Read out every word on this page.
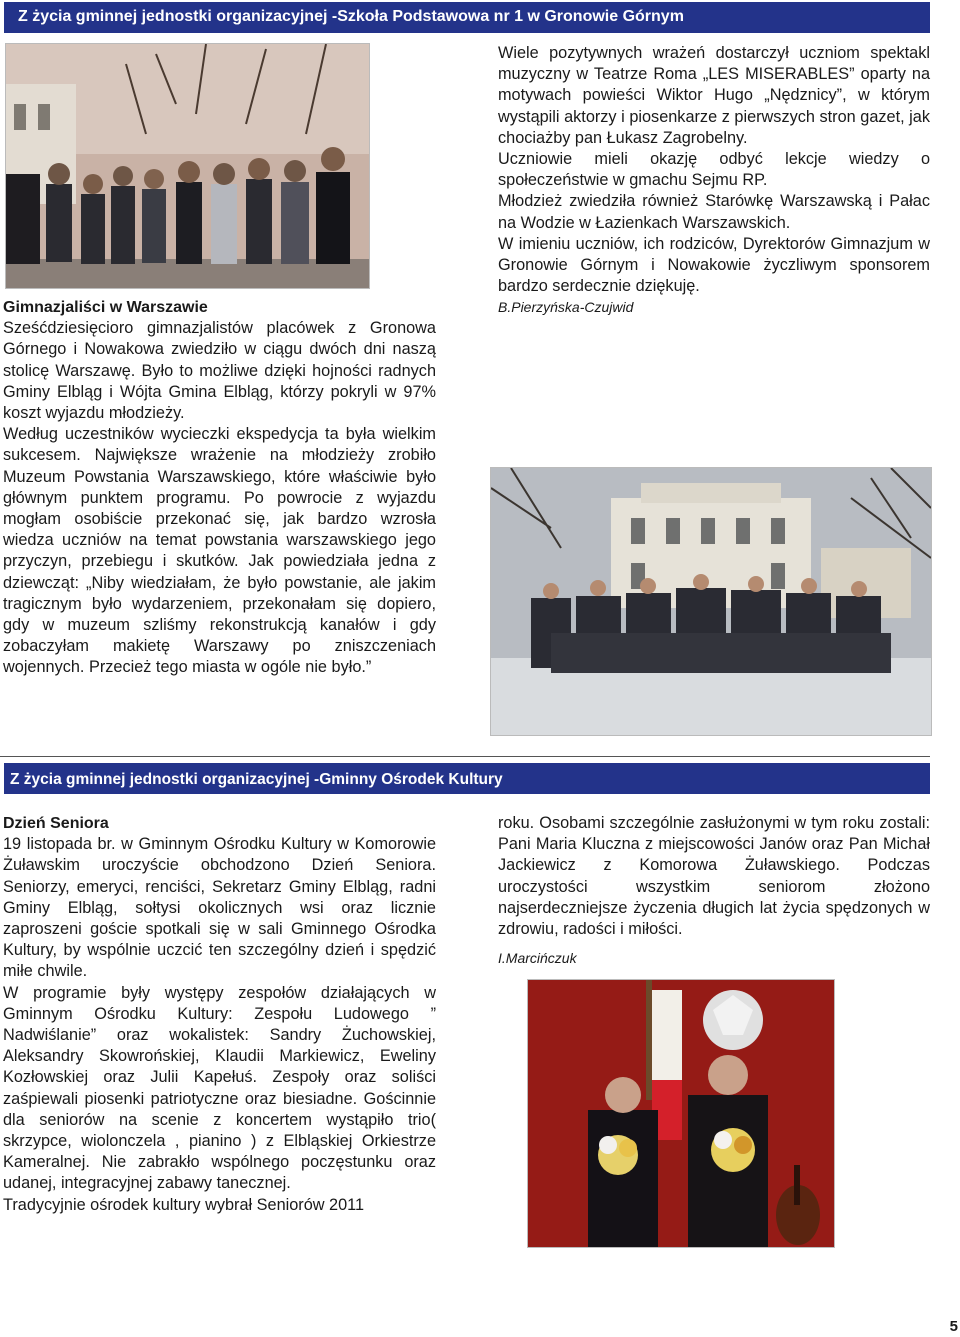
Z życia gminnej jednostki organizacyjnej -Szkoła Podstawowa nr 1 w Gronowie Górnym

Gimnazjaliści w Warszawie

Sześćdziesięcioro gimnazjalistów placówek z Gronowa Górnego i Nowakowa zwiedziło w ciągu dwóch dni naszą stolicę Warszawę. Było to możliwe dzięki hojności radnych Gminy Elbląg i Wójta Gmina Elbląg, którzy pokryli w 97% koszt wyjazdu młodzieży.

Według uczestników wycieczki ekspedycja ta była wielkim sukcesem. Największe wrażenie na młodzieży zrobiło Muzeum Powstania Warszawskiego, które właściwie było głównym punktem programu. Po powrocie z wyjazdu mogłam osobiście przekonać się, jak bardzo wzrosła wiedza uczniów na temat powstania warszawskiego jego przyczyn, przebiegu i skutków. Jak powiedziała jedna z dziewcząt: „Niby wiedziałam, że było powstanie, ale jakim tragicznym było wydarzeniem, przekonałam się dopiero, gdy w muzeum szliśmy rekonstrukcją kanałów i gdy zobaczyłam makietę Warszawy po zniszczeniach wojennych. Przecież tego miasta w ogóle nie było.”

Wiele pozytywnych wrażeń dostarczył uczniom spektakl muzyczny w Teatrze Roma „LES MISERABLES” oparty na motywach powieści Wiktor Hugo „Nędznicy”, w którym wystąpili aktorzy i piosenkarze z pierwszych stron gazet, jak chociażby pan Łukasz Zagrobelny.

Uczniowie mieli okazję odbyć lekcje wiedzy o społeczeństwie w gmachu Sejmu RP.

Młodzież zwiedziła również Starówkę Warszawską i Pałac na Wodzie w Łazienkach Warszawskich.

W imieniu uczniów, ich rodziców, Dyrektorów Gimnazjum w Gronowie Górnym i Nowakowie życzliwym sponsorem bardzo serdecznie dziękuję.

B.Pierzyńska-Czujwid

Z życia gminnej jednostki organizacyjnej -Gminny Ośrodek Kultury

Dzień Seniora

19 listopada br. w Gminnym Ośrodku Kultury w Komorowie Żuławskim uroczyście obchodzono Dzień Seniora. Seniorzy, emeryci, renciści, Sekretarz Gminy Elbląg, radni Gminy Elbląg, sołtysi okolicznych wsi oraz licznie zaproszeni goście spotkali się w sali Gminnego Ośrodka Kultury, by wspólnie uczcić ten szczególny dzień i spędzić miłe chwile.

W programie były występy zespołów działających w Gminnym Ośrodku Kultury: Zespołu Ludowego ” Nadwiślanie” oraz wokalistek: Sandry Żuchowskiej, Aleksandry Skowrońskiej, Klaudii Markiewicz, Eweliny Kozłowskiej oraz Julii Kapełuś. Zespoły oraz soliści zaśpiewali piosenki patriotyczne oraz biesiadne. Gościnnie dla seniorów na scenie z koncertem wystąpiło trio( skrzypce, wiolonczela , pianino ) z Elbląskiej Orkiestrze Kameralnej. Nie zabrakło wspólnego poczęstunku oraz udanej, integracyjnej zabawy tanecznej.

Tradycyjnie ośrodek kultury wybrał Seniorów 2011

roku. Osobami szczególnie zasłużonymi w tym roku zostali: Pani Maria Kluczna z miejscowości Janów oraz Pan Michał Jackiewicz z Komorowa Żuławskiego. Podczas uroczystości wszystkim seniorom złożono najserdeczniejsze życzenia długich lat życia spędzonych w zdrowiu, radości i miłości.

I.Marcińczuk

5
